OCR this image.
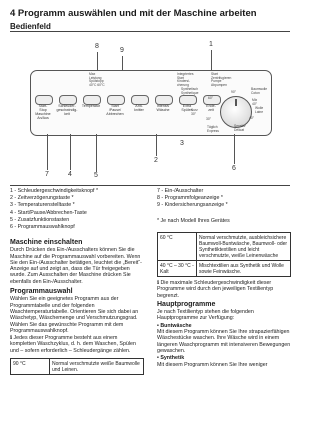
4 Programm auswählen und mit der Maschine arbeiten
Bedienfeld
8
9
1
Max
Leistung
Spülstopp
40°C 60°C
Integriertes
Start
Kindersi-
cherung
Start-
Stop
Maschine
An/Aus
Schleuder-
geschwindig-
keit
Temperatur	Start
/Pause/
Abbrechen
Anti-
knitter
Intensiv
Wäsche
Extra
Spülen
Ende-
zeit
Start
Zentrifugieren
Pumpe
Abpumpen
Synthetisch
Synthetique
Baumwolle
Coton
Wolle
Laine
Kurz
30°
Sensitiv
Délicat
Täglich
Express
Mix
40°
60°
40°
30°
90°
2
7	4	5
6
3
1 - Schleudergeschwindigkeitsknopf *
2 - Zeitverzögerungstaste *
3 - Temperaturenstelltaste *
4 - Start/Pause/Abbrechen-Taste
5 - Zusatzfunktionstasten
6 - Programmauswahlknopf
7 - Ein-/Ausschalter
8 - Programmfolgeanzeige *
9 - Kindersicherungsanzeige *
* Je nach Modell Ihres Gerätes
Maschine einschalten
Durch Drücken des Ein-/Ausschalters können Sie die Maschine auf die Programmauswahl vorbereiten. Wenn Sie den Ein-/Ausschalter betätigen, leuchtet die „Bereit“-Anzeige auf und zeigt an, dass die Tür freigegeben wurde. Zum Ausschalten der Maschine drücken Sie ebenfalls den Ein-/Ausschalter.
Programmauswahl
Wählen Sie ein geeignetes Programm aus der Programmtabelle und der folgenden Waschtemperaturtabelle. Orientieren Sie sich dabei an Wäschetyp, Wäschemenge und Verschmutzungsgrad. Wählen Sie das gewünschte Programm mit dem Programmauswahlknopf.
ℹ Jedes dieser Programme besteht aus einem kompletten Waschzyklus, d. h. dem Waschen, Spülen und – sofern erforderlich – Schleudergänge zählen.
90 °C	Normal verschmutzte weiße Baumwolle und Leinen.
60 °C	Normal verschmutzte, ausbleichsichere Baumwoll-Buntwäsche, Baumwoll- oder Synthetiktextilien und leicht verschmutzte, weiße Leinenwäsche
40 °C – 30 °C - Kalt	Mischtextilien aus Synthetik und Wolle sowie Feinwäsche.
ℹ Die maximale Schleudergeschwindigkeit dieser Programme wird durch den jeweiligen Textilientyp begrenzt.
Hauptprogramme
Je nach Textilientyp stehen die folgenden Hauptprogramme zur Verfügung:
• Buntwäsche
Mit diesem Programm können Sie Ihre strapazierfähigen Wäschestücke waschen. Ihre Wäsche wird in einem längeren Waschprogramm mit intensiveren Bewegungen gewaschen.
• Synthetik
Mit diesem Programm können Sie Ihre weniger
